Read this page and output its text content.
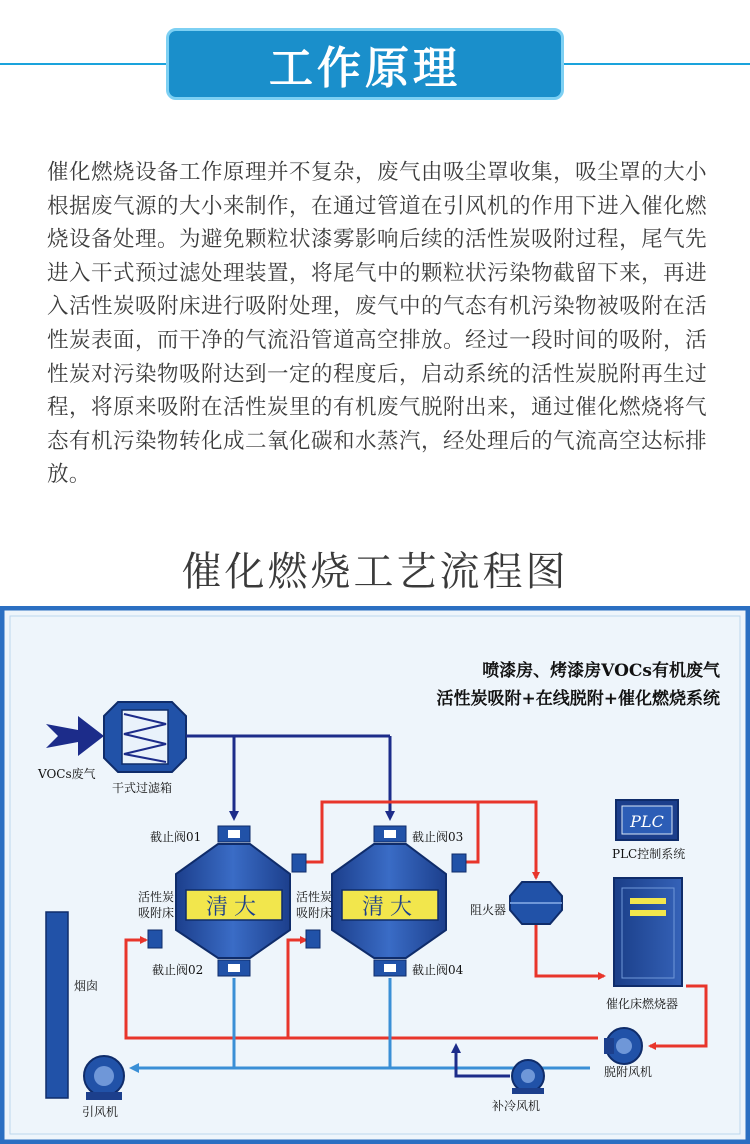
工作原理
催化燃烧设备工作原理并不复杂，废气由吸尘罩收集，吸尘罩的大小根据废气源的大小来制作，在通过管道在引风机的作用下进入催化燃烧设备处理。为避免颗粒状漆雾影响后续的活性炭吸附过程，尾气先进入干式预过滤处理装置，将尾气中的颗粒状污染物截留下来，再进入活性炭吸附床进行吸附处理，废气中的气态有机污染物被吸附在活性炭表面，而干净的气流沿管道高空排放。经过一段时间的吸附，活性炭对污染物吸附达到一定的程度后，启动系统的活性炭脱附再生过程，将原来吸附在活性炭里的有机废气脱附出来，通过催化燃烧将气态有机污染物转化成二氧化碳和水蒸汽，经处理后的气流高空达标排放。
催化燃烧工艺流程图
喷漆房、烤漆房VOCs有机废气
活性炭吸附+在线脱附+催化燃烧系统
VOCs废气
干式过滤箱
截止阀01
截止阀02
截止阀03
截止阀04
清大
活性炭
吸附床	清大
活性炭
吸附床
烟囱
引风机
阻火器
PLC
PLC控制系统
催化床燃烧器
脱附风机
补冷风机
